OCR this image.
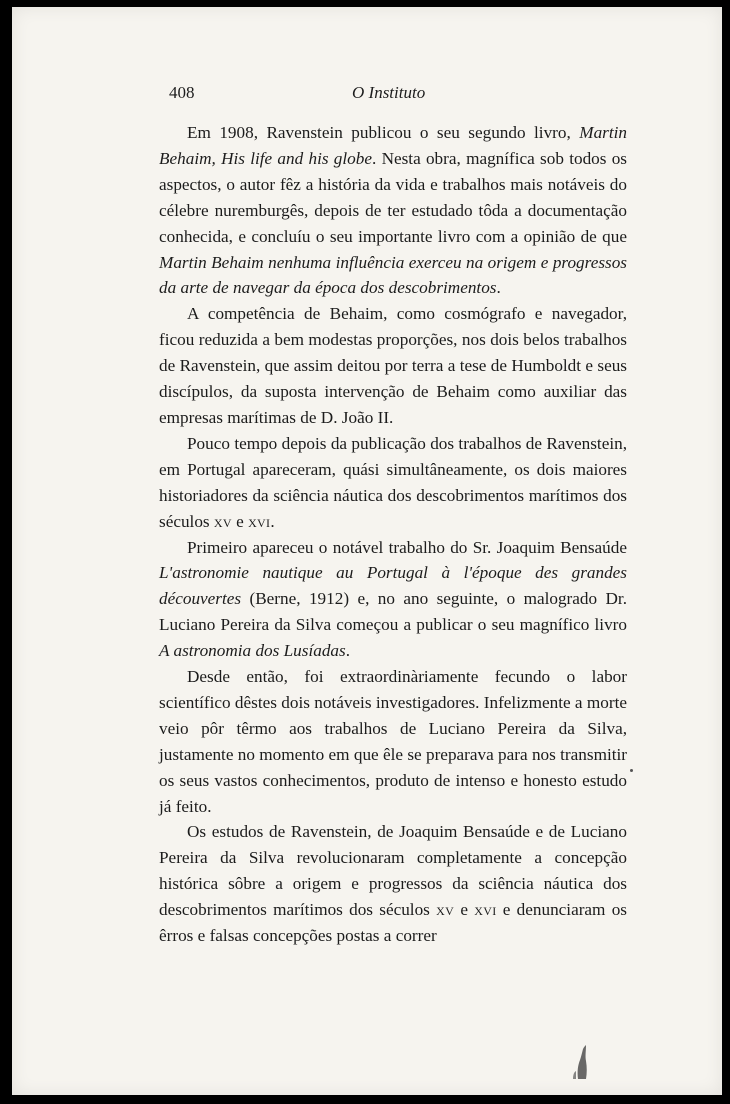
408	O Instituto

Em 1908, Ravenstein publicou o seu segundo livro, Martin Behaim, His life and his globe. Nesta obra, magnífica sob todos os aspectos, o autor fêz a história da vida e trabalhos mais notáveis do célebre nuremburgês, depois de ter estudado tôda a documentação conhecida, e concluíu o seu importante livro com a opinião de que Martin Behaim nenhuma influência exerceu na origem e progressos da arte de navegar da época dos descobrimentos.

A competência de Behaim, como cosmógrafo e navegador, ficou reduzida a bem modestas proporções, nos dois belos trabalhos de Ravenstein, que assim deitou por terra a tese de Humboldt e seus discípulos, da suposta intervenção de Behaim como auxiliar das empresas marítimas de D. João II.

Pouco tempo depois da publicação dos trabalhos de Ravenstein, em Portugal apareceram, quási simultâneamente, os dois maiores historiadores da sciência náutica dos descobrimentos marítimos dos séculos xv e xvi.

Primeiro apareceu o notável trabalho do Sr. Joaquim Bensaúde L'astronomie nautique au Portugal à l'époque des grandes découvertes (Berne, 1912) e, no ano seguinte, o malogrado Dr. Luciano Pereira da Silva começou a publicar o seu magnífico livro A astronomia dos Lusíadas.

Desde então, foi extraordinàriamente fecundo o labor scientífico dêstes dois notáveis investigadores. Infelizmente a morte veio pôr têrmo aos trabalhos de Luciano Pereira da Silva, justamente no momento em que êle se preparava para nos transmitir os seus vastos conhecimentos, produto de intenso e honesto estudo já feito.

Os estudos de Ravenstein, de Joaquim Bensaúde e de Luciano Pereira da Silva revolucionaram completamente a concepção histórica sôbre a origem e progressos da sciência náutica dos descobrimentos marítimos dos séculos xv e xvi e denunciaram os êrros e falsas concepções postas a correr
